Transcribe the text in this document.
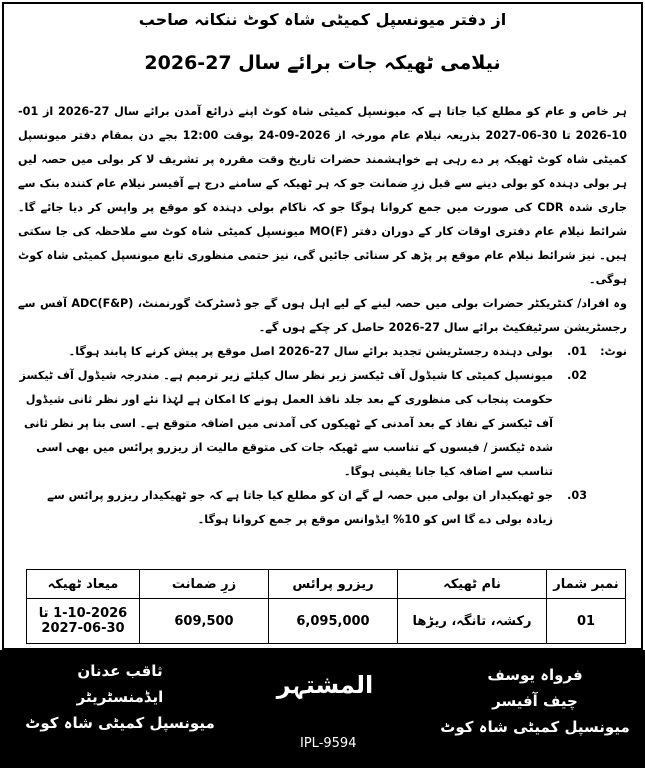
از دفتر میونسپل کمیٹی شاہ کوٹ ننکانہ صاحب
نیلامی ٹھیکہ جات برائے سال 27-2026

ہر خاص و عام کو مطلع کیا جاتا ہے کہ میونسپل کمیٹی شاہ کوٹ اپنے ذرائع آمدن برائے سال 27-2026 از 01-10-2026 تا 30-06-2027 بذریعہ نیلام عام مورخہ از 2026-09-24 بوقت 12:00 بجے دن بمقام دفتر میونسپل کمیٹی شاہ کوٹ ٹھیکہ پر دے رہی ہے خواہشمند حضرات تاریخ وقت مقررہ پر تشریف لا کر بولی میں حصہ لیں ہر بولی دہندہ کو بولی دینے سے قبل زرِ ضمانت جو کہ ہر ٹھیکہ کے سامنے درج ہے آفیسر نیلام عام کنندہ بنک سے جاری شدہ CDR کی صورت میں جمع کروانا ہوگا جو کہ ناکام بولی دہندہ کو موقع پر واپس کر دیا جائے گا۔ شرائط نیلام عام دفتری اوقات کار کے دوران دفتر MO(F) میونسپل کمیٹی شاہ کوٹ سے ملاحظہ کی جا سکتی ہیں۔ نیز شرائط نیلام عام موقع پر پڑھ کر سنائی جائیں گی، نیز حتمی منظوری تابع میونسپل کمیٹی شاہ کوٹ ہوگی۔

وہ افراد/ کنٹریکٹر حضرات بولی میں حصہ لینے کے لیے اہل ہوں گے جو ڈسٹرکٹ گورنمنٹ، ADC(F&P) آفس سے رجسٹریشن سرٹیفکیٹ برائے سال 27-2026 حاصل کر چکے ہوں گے۔

نوٹ:
01.
بولی دہندہ رجسٹریشن تجدید برائے سال 27-2026 اصل موقع پر پیش کرنے کا پابند ہوگا۔
02.
میونسپل کمیٹی کا شیڈول آف ٹیکسز زیر نظر سال کیلئے زیر ترمیم ہے۔ مندرجہ شیڈول آف ٹیکسز حکومت پنجاب کی منظوری کے بعد جلد نافذ العمل ہونے کا امکان ہے لہٰذا نئے اور نظر ثانی شیڈول آف ٹیکسز کے نفاذ کے بعد آمدنی کے ٹھیکوں کی آمدنی میں اضافہ متوقع ہے۔ اسی بنا پر نظر ثانی شدہ ٹیکسز / فیسوں کے تناسب سے ٹھیکہ جات کی متوقع مالیت از ریزرو پرائس میں بھی اسی تناسب سے اضافہ کیا جانا یقینی ہوگا۔
03.
جو ٹھیکیدار ان بولی میں حصہ لے گے ان کو مطلع کیا جاتا ہے کہ جو ٹھیکیدار ریزرو پرائس سے زیادہ بولی دے گا اس کو 10% ایڈوانس موقع پر جمع کروانا ہوگا۔
نمبر شمار	نام ٹھیکہ	ریزرو پرائس	زرِ ضمانت	میعاد ٹھیکہ
01	رکشہ، تانگہ، ریڑھا	6,095,000	609,500	1-10-2026 تا 30-06-2027
ثاقب عدنان
ایڈمنسٹریٹر
میونسپل کمیٹی شاہ کوٹ
المشتہر	فرواہ یوسف
چیف آفیسر
میونسپل کمیٹی شاہ کوٹ
IPL-9594
